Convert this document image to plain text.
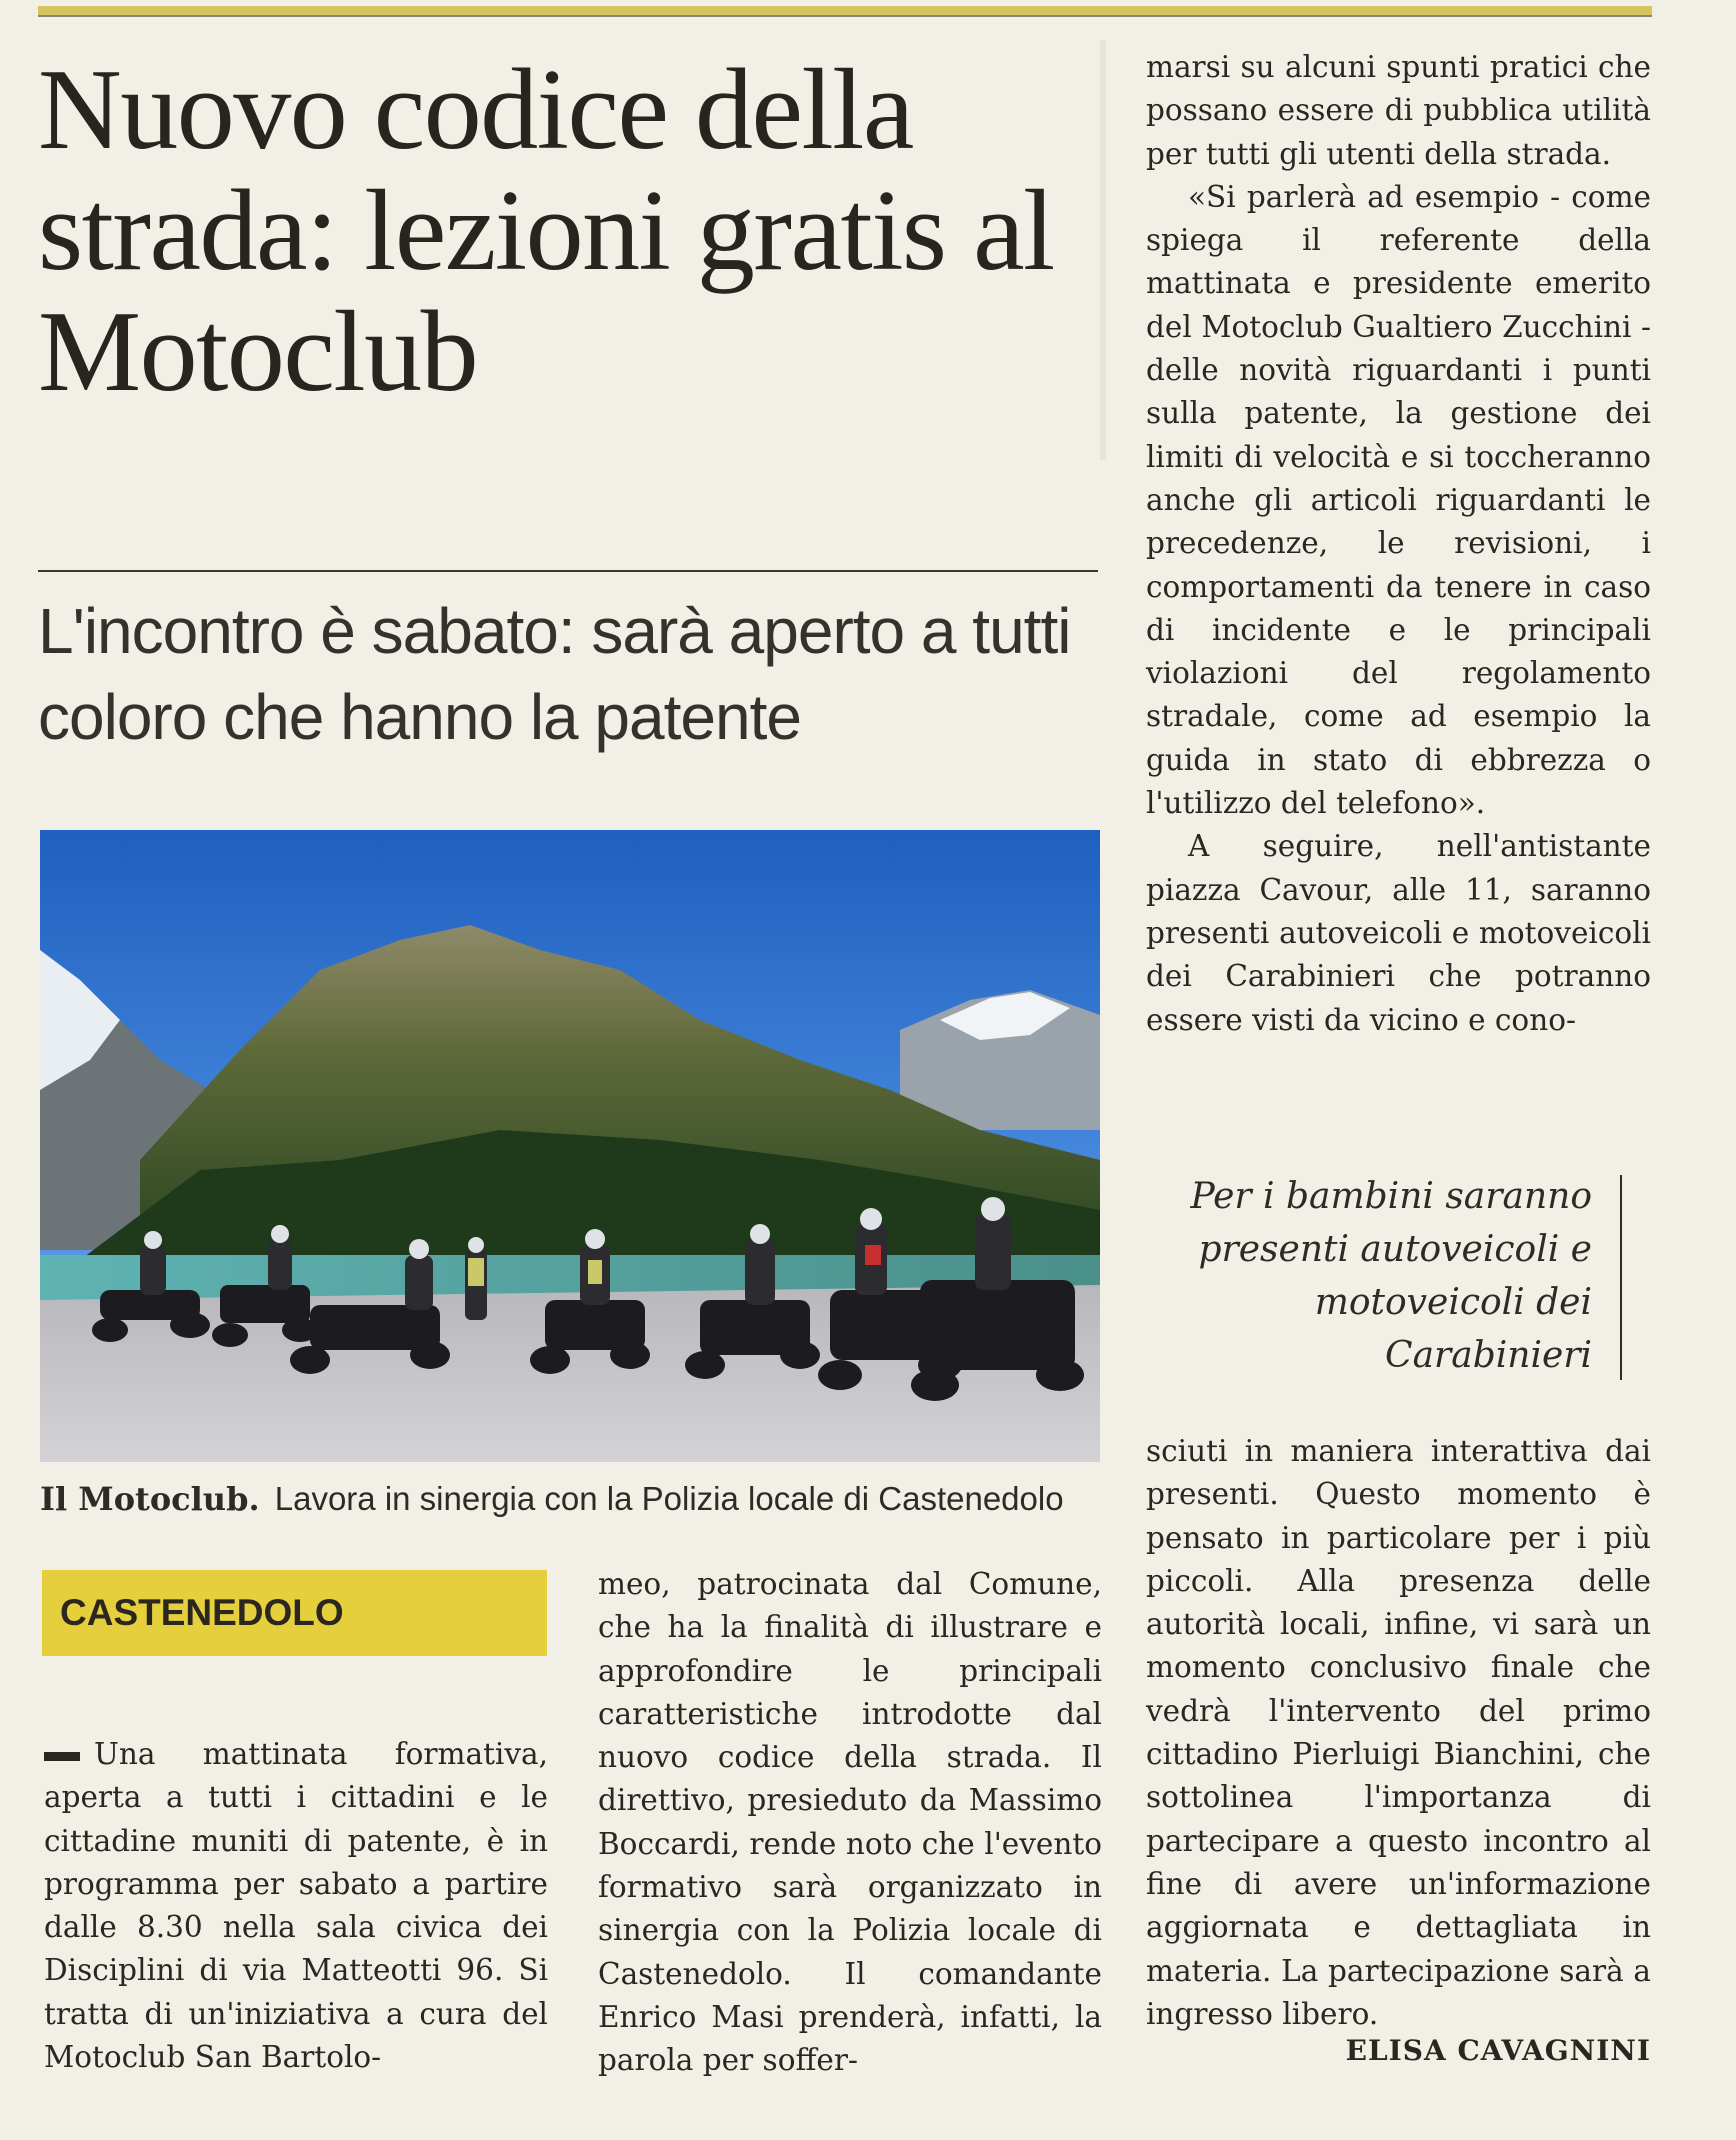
Nuovo codice della strada: lezioni gratis al Motoclub
L'incontro è sabato: sarà aperto a tutti coloro che hanno la patente
Il Motoclub. Lavora in sinergia con la Polizia locale di Castenedolo
CASTENEDOLO

Una mattinata formativa, aperta a tutti i cittadini e le cittadine muniti di patente, è in programma per sabato a partire dalle 8.30 nella sala civica dei Disciplini di via Matteotti 96. Si tratta di un'iniziativa a cura del Motoclub San Bartolo-

meo, patrocinata dal Comune, che ha la finalità di illustrare e approfondire le principali caratteristiche introdotte dal nuovo codice della strada. Il direttivo, presieduto da Massimo Boccardi, rende noto che l'evento formativo sarà organizzato in sinergia con la Polizia locale di Castenedolo. Il comandante Enrico Masi prenderà, infatti, la parola per soffer-

marsi su alcuni spunti pratici che possano essere di pubblica utilità per tutti gli utenti della strada.

«Si parlerà ad esempio - come spiega il referente della mattinata e presidente emerito del Motoclub Gualtiero Zucchini - delle novità riguardanti i punti sulla patente, la gestione dei limiti di velocità e si toccheranno anche gli articoli riguardanti le precedenze, le revisioni, i comportamenti da tenere in caso di incidente e le principali violazioni del regolamento stradale, come ad esempio la guida in stato di ebbrezza o l'utilizzo del telefono».

A seguire, nell'antistante piazza Cavour, alle 11, saranno presenti autoveicoli e motoveicoli dei Carabinieri che potranno essere visti da vicino e cono-

Per i bambini saranno presenti autoveicoli e motoveicoli dei Carabinieri

sciuti in maniera interattiva dai presenti. Questo momento è pensato in particolare per i più piccoli. Alla presenza delle autorità locali, infine, vi sarà un momento conclusivo finale che vedrà l'intervento del primo cittadino Pierluigi Bianchini, che sottolinea l'importanza di partecipare a questo incontro al fine di avere un'informazione aggiornata e dettagliata in materia. La partecipazione sarà a ingresso libero.

ELISA CAVAGNINI
